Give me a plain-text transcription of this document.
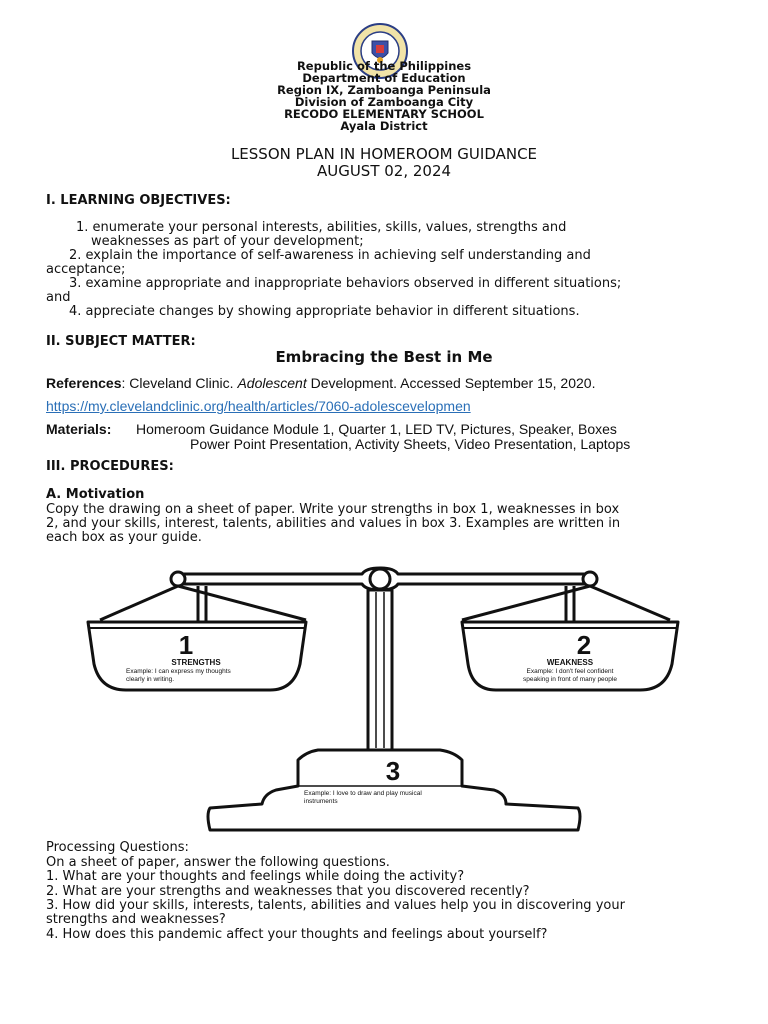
Republic of the Philippines
Department of Education
Region IX, Zamboanga Peninsula
Division of Zamboanga City
RECODO ELEMENTARY SCHOOL
Ayala District
LESSON PLAN IN HOMEROOM GUIDANCE
AUGUST 02, 2024
I. LEARNING OBJECTIVES:
1. enumerate your personal interests, abilities, skills, values, strengths and
weaknesses as part of your development;
2. explain the importance of self-awareness in achieving self understanding and
acceptance;
3. examine appropriate and inappropriate behaviors observed in different situations;
and
4. appreciate changes by showing appropriate behavior in different situations.
II. SUBJECT MATTER:
Embracing the Best in Me
References: Cleveland Clinic. Adolescent Development. Accessed September 15, 2020.
https://my.clevelandclinic.org/health/articles/7060-adolescevelopmen
Materials: Homeroom Guidance Module 1, Quarter 1, LED TV, Pictures, Speaker, Boxes
Power Point Presentation, Activity Sheets, Video Presentation, Laptops
III. PROCEDURES:
A. Motivation
Copy the drawing on a sheet of paper. Write your strengths in box 1, weaknesses in box
2, and your skills, interest, talents, abilities and values in box 3. Examples are written in
each box as your guide.
1
STRENGTHS
Example: I can express my thoughts
clearly in writing.
2
WEAKNESS
Example: I don't feel confident
speaking in front of many people
3
Example: I love to draw and play musical
instruments
Processing Questions:
On a sheet of paper, answer the following questions.
1. What are your thoughts and feelings while doing the activity?
2. What are your strengths and weaknesses that you discovered recently?
3. How did your skills, interests, talents, abilities and values help you in discovering your
strengths and weaknesses?
4. How does this pandemic affect your thoughts and feelings about yourself?
